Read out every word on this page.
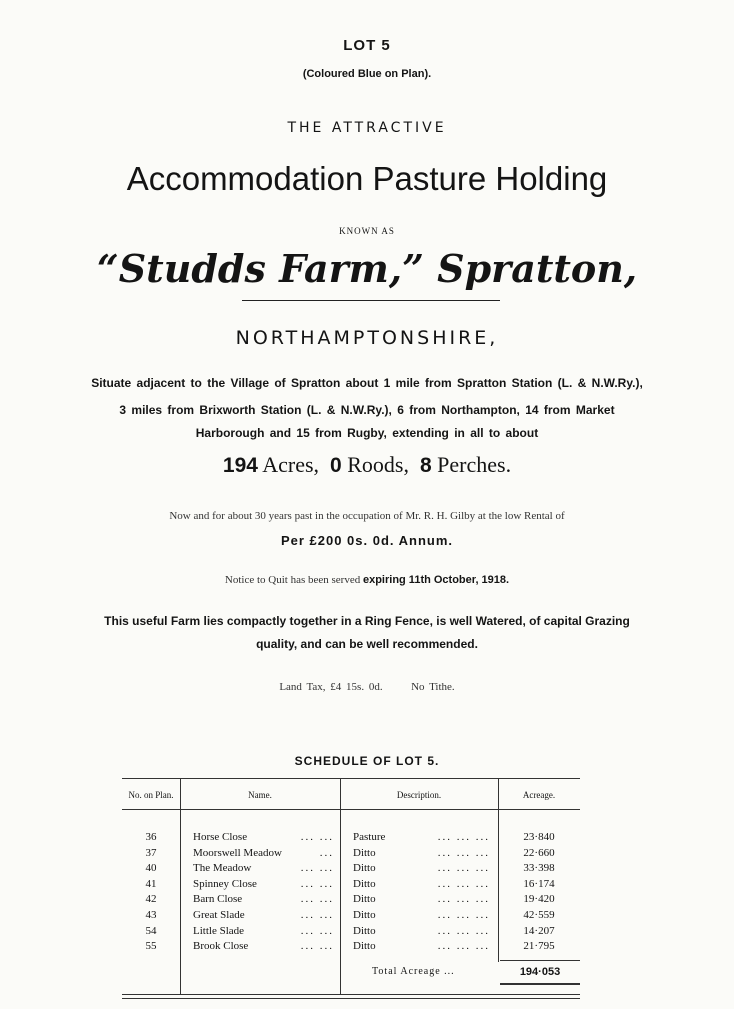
LOT 5
(Coloured Blue on Plan).
THE ATTRACTIVE
Accommodation Pasture Holding
KNOWN AS
“Studds Farm,” Spratton,
NORTHAMPTONSHIRE,
Situate adjacent to the Village of Spratton about 1 mile from Spratton Station (L. & N.W.Ry.),
3 miles from Brixworth Station (L. & N.W.Ry.), 6 from Northampton, 14 from Market
Harborough and 15 from Rugby, extending in all to about
194 Acres, 0 Roods, 8 Perches.
Now and for about 30 years past in the occupation of Mr. R. H. Gilby at the low Rental of
Per £200 0s. 0d. Annum.
Notice to Quit has been served expiring 11th October, 1918.
This useful Farm lies compactly together in a Ring Fence, is well Watered, of capital Grazing
quality, and can be well recommended.
Land Tax, £4 15s. 0d.	No Tithe.
SCHEDULE OF LOT 5.
No. on Plan.	Name.	Description.	Acreage.
36	Horse Close	... ... Pasture	... ... ...	23·840
37	Moorswell Meadow	... Ditto	... ... ...	22·660
40	The Meadow	... ... Ditto	... ... ...	33·398
41	Spinney Close	... ... Ditto	... ... ...	16·174
42	Barn Close	... ... Ditto	... ... ...	19·420
43	Great Slade	... ... Ditto	... ... ...	42·559
54	Little Slade	... ... Ditto	... ... ...	14·207
55	Brook Close	... ... Ditto	... ... ...	21·795
Total Acreage ...	194·053
